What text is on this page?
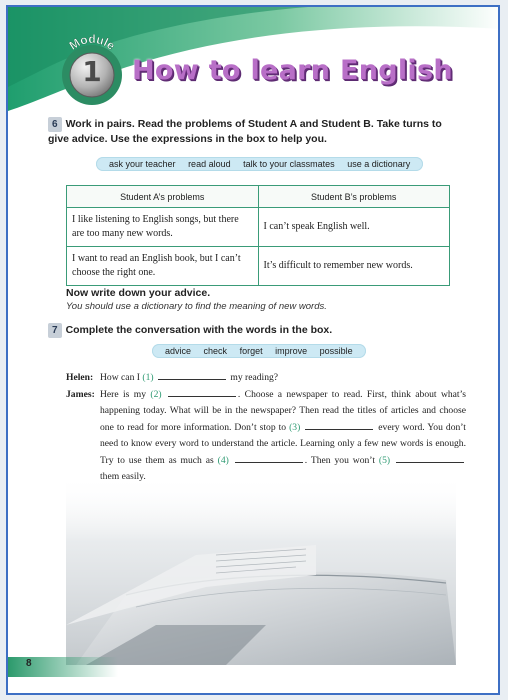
Module
1 How to learn English
6 Work in pairs. Read the problems of Student A and Student B. Take turns to give advice. Use the expressions in the box to help you.
ask your teacher read aloud talk to your classmates use a dictionary
Student A’s problems	Student B’s problems
I like listening to English songs, but there are too many new words.	I can’t speak English well.
I want to read an English book, but I can’t choose the right one.	It’s difficult to remember new words.
Now write down your advice.
You should use a dictionary to find the meaning of new words.
7 Complete the conversation with the words in the box.
advice check forget improve possible
Helen: How can I (1)	my reading?
James: Here is my (2)	. Choose a newspaper to read. First, think about what’s happening today. What will be in the newspaper? Then read the titles of articles and choose one to read for more information. Don’t stop to (3)	every word. You don’t need to know every word to understand the article. Learning only a few new words is enough. Try to use them as much as (4)	. Then you won’t (5)
8
